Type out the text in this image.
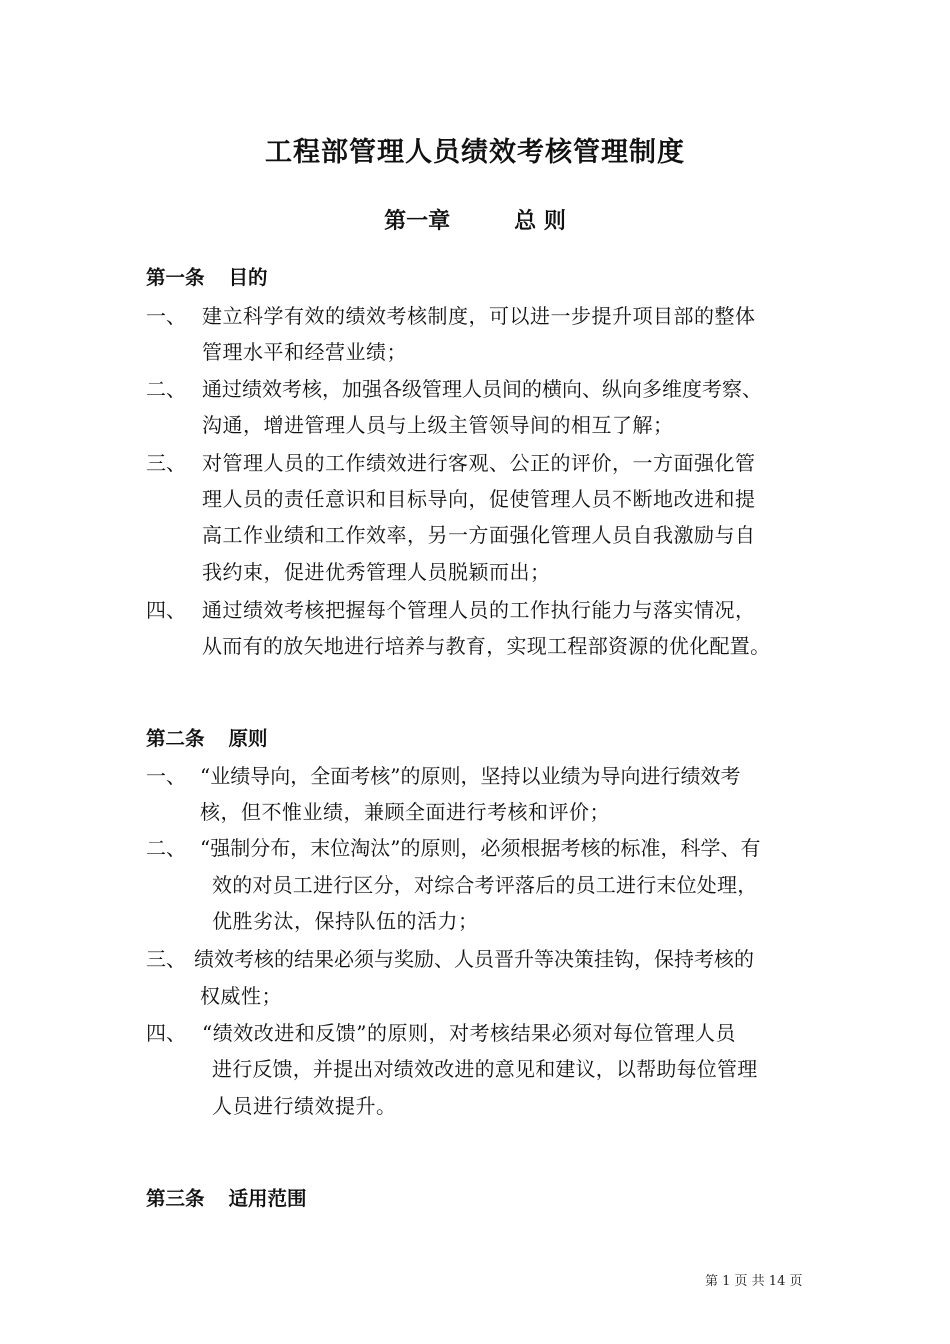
工程部管理人员绩效考核管理制度
第一章	总 则
第一条 目的
一、 建立科学有效的绩效考核制度，可以进一步提升项目部的整体
管理水平和经营业绩；
二、 通过绩效考核，加强各级管理人员间的横向、纵向多维度考察、
沟通，增进管理人员与上级主管领导间的相互了解；
三、 对管理人员的工作绩效进行客观、公正的评价，一方面强化管
理人员的责任意识和目标导向，促使管理人员不断地改进和提
高工作业绩和工作效率，另一方面强化管理人员自我激励与自
我约束，促进优秀管理人员脱颖而出；
四、 通过绩效考核把握每个管理人员的工作执行能力与落实情况，
从而有的放矢地进行培养与教育，实现工程部资源的优化配置。
第二条 原则
一、 “业绩导向，全面考核”的原则，坚持以业绩为导向进行绩效考
核，但不惟业绩，兼顾全面进行考核和评价；
二、 “强制分布，末位淘汰”的原则，必须根据考核的标准，科学、有
效的对员工进行区分，对综合考评落后的员工进行末位处理，
优胜劣汰，保持队伍的活力；
三、 绩效考核的结果必须与奖励、人员晋升等决策挂钩，保持考核的
权威性；
四、 “绩效改进和反馈”的原则，对考核结果必须对每位管理人员
进行反馈，并提出对绩效改进的意见和建议，以帮助每位管理
人员进行绩效提升。
第三条 适用范围
第 1 页 共 14 页
